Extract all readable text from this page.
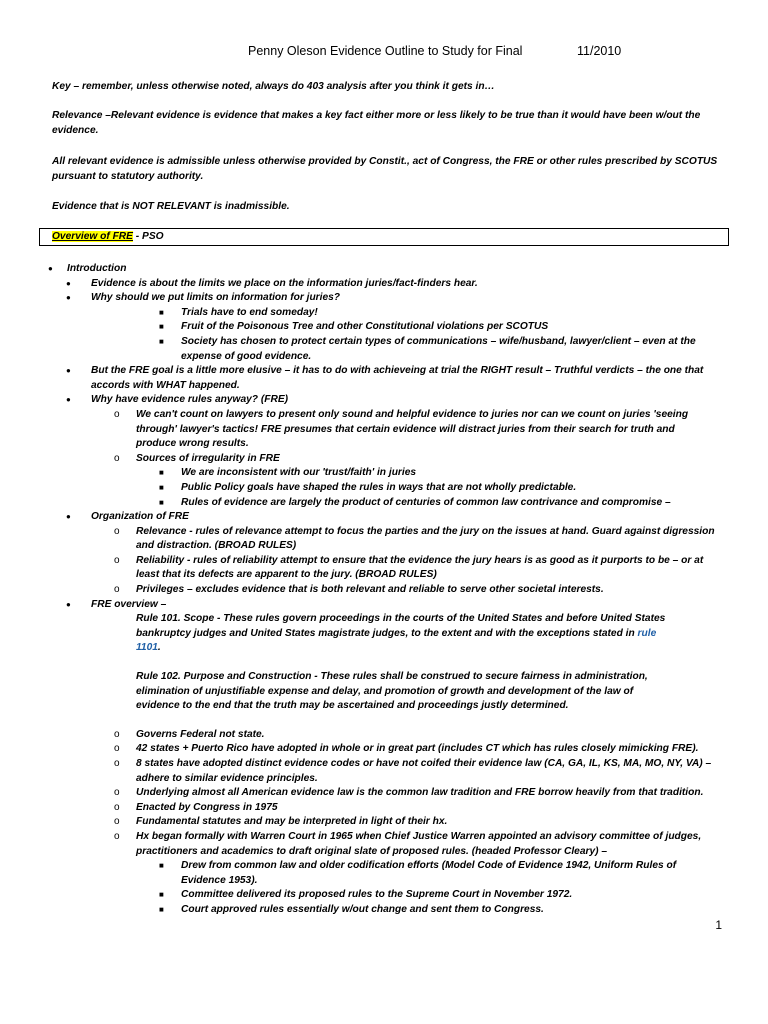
Penny Oleson Evidence Outline to Study for Final	11/2010

Key – remember, unless otherwise noted, always do 403 analysis after you think it gets in…

Relevance –Relevant evidence is evidence that makes a key fact either more or less likely to be true than it would have been w/out the evidence.

All relevant evidence is admissible unless otherwise provided by Constit., act of Congress, the FRE or other rules prescribed by SCOTUS pursuant to statutory authority.

Evidence that is NOT RELEVANT is inadmissible.

Overview of FRE - PSO
● Introduction
● Evidence is about the limits we place on the information juries/fact-finders hear.
● Why should we put limits on information for juries?
■ Trials have to end someday!
■ Fruit of the Poisonous Tree and other Constitutional violations per SCOTUS
■ Society has chosen to protect certain types of communications – wife/husband, lawyer/client – even at the expense of good evidence.
● But the FRE goal is a little more elusive – it has to do with achieveing at trial the RIGHT result – Truthful verdicts – the one that accords with WHAT happened.
● Why have evidence rules anyway? (FRE)
o We can't count on lawyers to present only sound and helpful evidence to juries nor can we count on juries 'seeing through' lawyer's tactics! FRE presumes that certain evidence will distract juries from their search for truth and produce wrong results.
o Sources of irregularity in FRE
■ We are inconsistent with our 'trust/faith' in juries
■ Public Policy goals have shaped the rules in ways that are not wholly predictable.
■ Rules of evidence are largely the product of centuries of common law contrivance and compromise –
● Organization of FRE
o Relevance - rules of relevance attempt to focus the parties and the jury on the issues at hand. Guard against digression and distraction. (BROAD RULES)
o Reliability - rules of reliability attempt to ensure that the evidence the jury hears is as good as it purports to be – or at least that its defects are apparent to the jury. (BROAD RULES)
o Privileges – excludes evidence that is both relevant and reliable to serve other societal interests.
● FRE overview –
Rule 101. Scope - These rules govern proceedings in the courts of the United States and before United States bankruptcy judges and United States magistrate judges, to the extent and with the exceptions stated in rule 1101.
Rule 102. Purpose and Construction - These rules shall be construed to secure fairness in administration, elimination of unjustifiable expense and delay, and promotion of growth and development of the law of evidence to the end that the truth may be ascertained and proceedings justly determined.
o Governs Federal not state.
o 42 states + Puerto Rico have adopted in whole or in great part (includes CT which has rules closely mimicking FRE).
o 8 states have adopted distinct evidence codes or have not coifed their evidence law (CA, GA, IL, KS, MA, MO, NY, VA) – adhere to similar evidence principles.
o Underlying almost all American evidence law is the common law tradition and FRE borrow heavily from that tradition.
o Enacted by Congress in 1975
o Fundamental statutes and may be interpreted in light of their hx.
o Hx began formally with Warren Court in 1965 when Chief Justice Warren appointed an advisory committee of judges, practitioners and academics to draft original slate of proposed rules. (headed Professor Cleary) –
■ Drew from common law and older codification efforts (Model Code of Evidence 1942, Uniform Rules of Evidence 1953).
■ Committee delivered its proposed rules to the Supreme Court in November 1972.
■ Court approved rules essentially w/out change and sent them to Congress.
1
